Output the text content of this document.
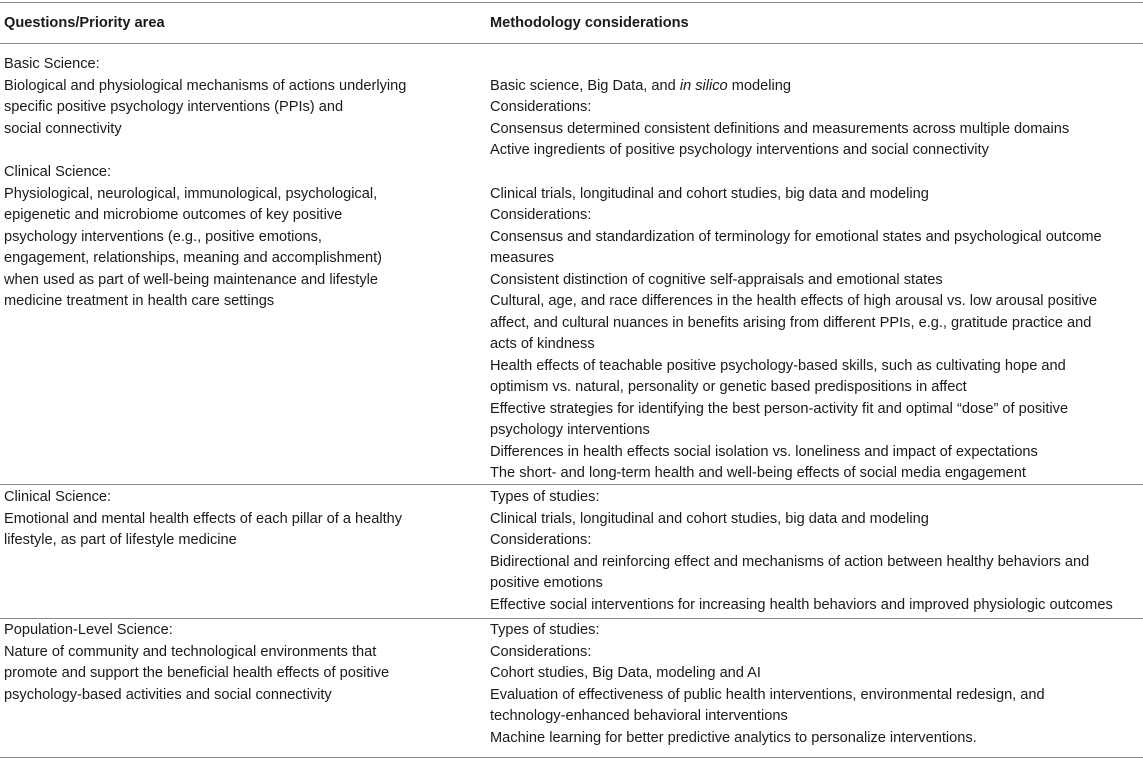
Questions/Priority area	Methodology considerations
Basic Science:
Biological and physiological mechanisms of actions underlying
specific positive psychology interventions (PPIs) and
social connectivity
Basic science, Big Data, and in silico modeling
Considerations:
Consensus determined consistent definitions and measurements across multiple domains
Active ingredients of positive psychology interventions and social connectivity
Clinical Science:
Physiological, neurological, immunological, psychological,
epigenetic and microbiome outcomes of key positive
psychology interventions (e.g., positive emotions,
engagement, relationships, meaning and accomplishment)
when used as part of well-being maintenance and lifestyle
medicine treatment in health care settings
Clinical trials, longitudinal and cohort studies, big data and modeling
Considerations:
Consensus and standardization of terminology for emotional states and psychological outcome
measures
Consistent distinction of cognitive self-appraisals and emotional states
Cultural, age, and race differences in the health effects of high arousal vs. low arousal positive
affect, and cultural nuances in benefits arising from different PPIs, e.g., gratitude practice and
acts of kindness
Health effects of teachable positive psychology-based skills, such as cultivating hope and
optimism vs. natural, personality or genetic based predispositions in affect
Effective strategies for identifying the best person-activity fit and optimal “dose” of positive
psychology interventions
Differences in health effects social isolation vs. loneliness and impact of expectations
The short- and long-term health and well-being effects of social media engagement
Clinical Science:
Emotional and mental health effects of each pillar of a healthy
lifestyle, as part of lifestyle medicine
Types of studies:
Clinical trials, longitudinal and cohort studies, big data and modeling
Considerations:
Bidirectional and reinforcing effect and mechanisms of action between healthy behaviors and
positive emotions
Effective social interventions for increasing health behaviors and improved physiologic outcomes
Population-Level Science:
Nature of community and technological environments that
promote and support the beneficial health effects of positive
psychology-based activities and social connectivity
Types of studies:
Considerations:
Cohort studies, Big Data, modeling and AI
Evaluation of effectiveness of public health interventions, environmental redesign, and
technology-enhanced behavioral interventions
Machine learning for better predictive analytics to personalize interventions.
